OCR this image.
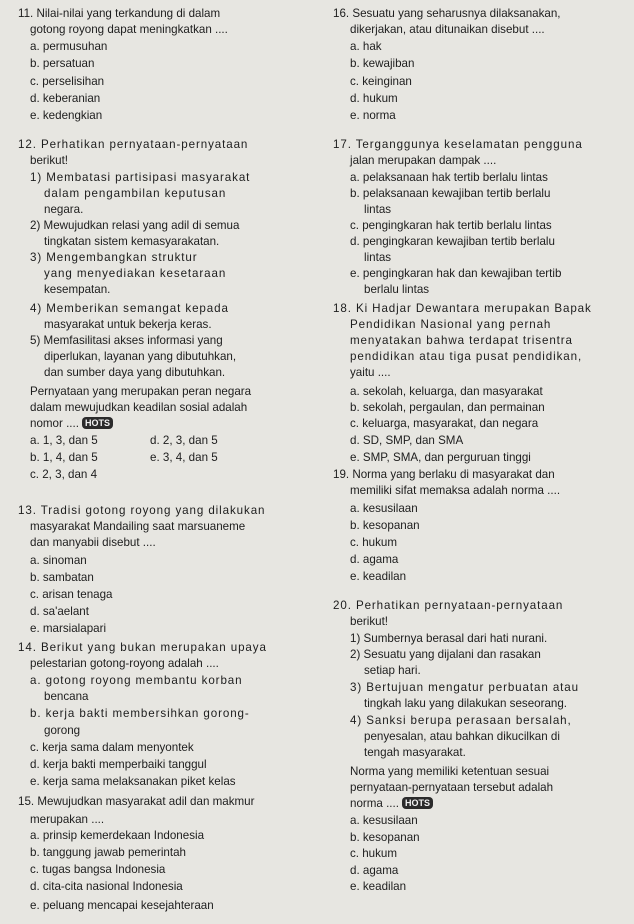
11. Nilai-nilai yang terkandung di dalam
gotong royong dapat meningkatkan ....
a. permusuhan
b. persatuan
c. perselisihan
d. keberanian
e. kedengkian
12. Perhatikan pernyataan-pernyataan
berikut!
1) Membatasi partisipasi masyarakat
dalam pengambilan keputusan
negara.
2) Mewujudkan relasi yang adil di semua
tingkatan sistem kemasyarakatan.
3) Mengembangkan struktur
yang menyediakan kesetaraan
kesempatan.
4) Memberikan semangat kepada
masyarakat untuk bekerja keras.
5) Memfasilitasi akses informasi yang
diperlukan, layanan yang dibutuhkan,
dan sumber daya yang dibutuhkan.
Pernyataan yang merupakan peran negara
dalam mewujudkan keadilan sosial adalah
nomor .... HOTS
a. 1, 3, dan 5	d. 2, 3, dan 5
b. 1, 4, dan 5	e. 3, 4, dan 5
c. 2, 3, dan 4
13. Tradisi gotong royong yang dilakukan
masyarakat Mandailing saat marsuaneme
dan manyabii disebut ....
a. sinoman
b. sambatan
c. arisan tenaga
d. sa'aelant
e. marsialapari
14. Berikut yang bukan merupakan upaya
pelestarian gotong-royong adalah ....
a. gotong royong membantu korban
bencana
b. kerja bakti membersihkan gorong-
gorong
c. kerja sama dalam menyontek
d. kerja bakti memperbaiki tanggul
e. kerja sama melaksanakan piket kelas
15. Mewujudkan masyarakat adil dan makmur
merupakan ....
a. prinsip kemerdekaan Indonesia
b. tanggung jawab pemerintah
c. tugas bangsa Indonesia
d. cita-cita nasional Indonesia
e. peluang mencapai kesejahteraan
16. Sesuatu yang seharusnya dilaksanakan,
dikerjakan, atau ditunaikan disebut ....
a. hak
b. kewajiban
c. keinginan
d. hukum
e. norma
17. Terganggunya keselamatan pengguna
jalan merupakan dampak ....
a. pelaksanaan hak tertib berlalu lintas
b. pelaksanaan kewajiban tertib berlalu
lintas
c. pengingkaran hak tertib berlalu lintas
d. pengingkaran kewajiban tertib berlalu
lintas
e. pengingkaran hak dan kewajiban tertib
berlalu lintas
18. Ki Hadjar Dewantara merupakan Bapak
Pendidikan Nasional yang pernah
menyatakan bahwa terdapat trisentra
pendidikan atau tiga pusat pendidikan,
yaitu ....
a. sekolah, keluarga, dan masyarakat
b. sekolah, pergaulan, dan permainan
c. keluarga, masyarakat, dan negara
d. SD, SMP, dan SMA
e. SMP, SMA, dan perguruan tinggi
19. Norma yang berlaku di masyarakat dan
memiliki sifat memaksa adalah norma ....
a. kesusilaan
b. kesopanan
c. hukum
d. agama
e. keadilan
20. Perhatikan pernyataan-pernyataan
berikut!
1) Sumbernya berasal dari hati nurani.
2) Sesuatu yang dijalani dan rasakan
setiap hari.
3) Bertujuan mengatur perbuatan atau
tingkah laku yang dilakukan seseorang.
4) Sanksi berupa perasaan bersalah,
penyesalan, atau bahkan dikucilkan di
tengah masyarakat.
Norma yang memiliki ketentuan sesuai
pernyataan-pernyataan tersebut adalah
norma .... HOTS
a. kesusilaan
b. kesopanan
c. hukum
d. agama
e. keadilan
